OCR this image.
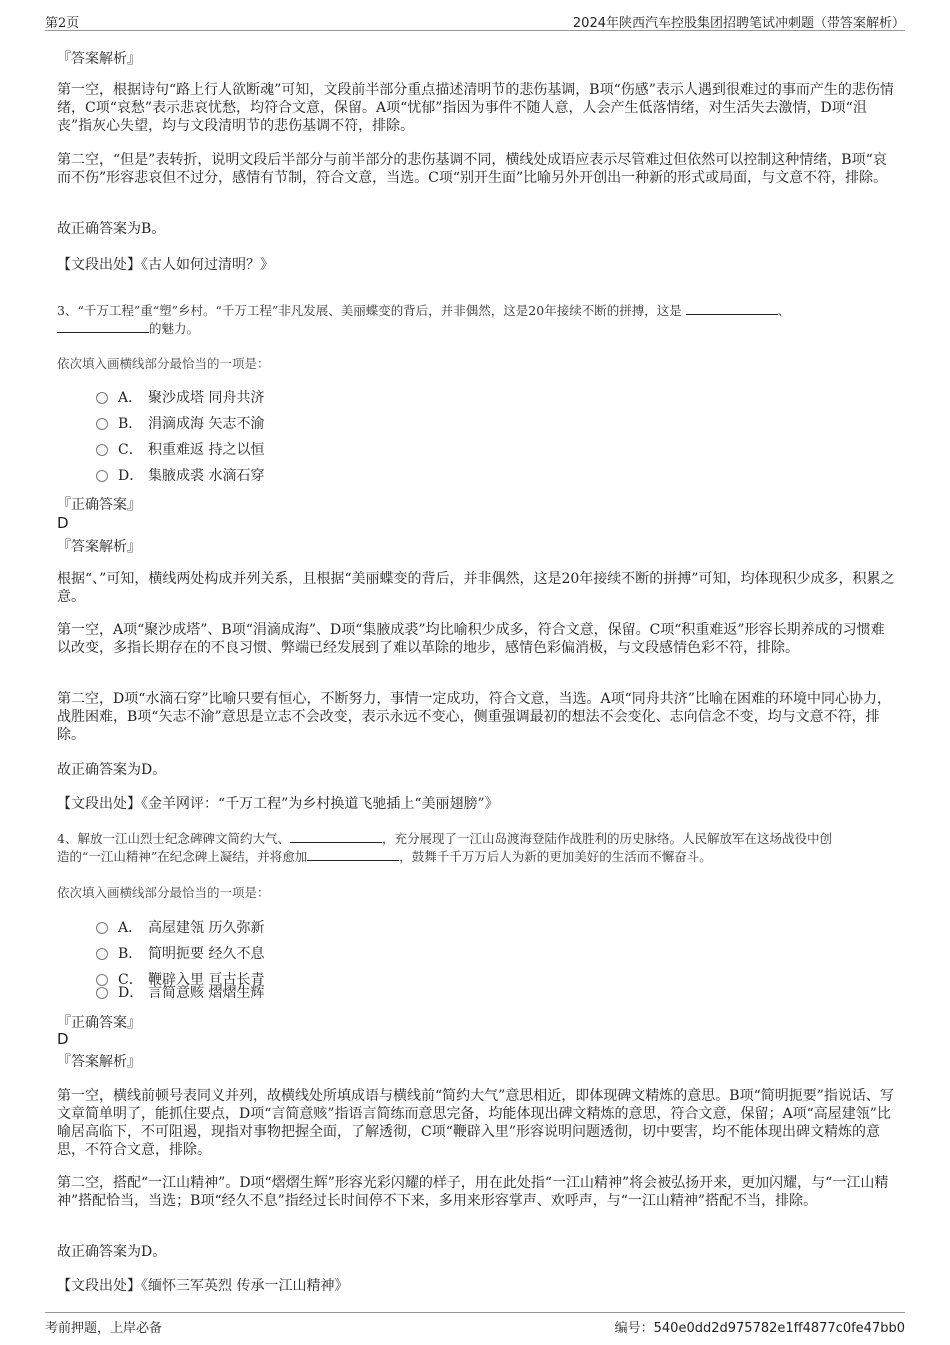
第2页	2024年陕西汽车控股集团招聘笔试冲刺题（带答案解析）

『答案解析』

第一空，根据诗句“路上行人欲断魂”可知，文段前半部分重点描述清明节的悲伤基调，B项“伤感”表示人遇到很难过的事而产生的悲伤情绪，C项“哀愁”表示悲哀忧愁，均符合文意，保留。A项“忧郁”指因为事件不随人意，人会产生低落情绪，对生活失去激情，D项“沮丧”指灰心失望，均与文段清明节的悲伤基调不符，排除。

第二空，“但是”表转折，说明文段后半部分与前半部分的悲伤基调不同，横线处成语应表示尽管难过但依然可以控制这种情绪，B项“哀而不伤”形容悲哀但不过分，感情有节制，符合文意，当选。C项“别开生面”比喻另外开创出一种新的形式或局面，与文意不符，排除。

故正确答案为B。

【文段出处】《古人如何过清明？》

3、“千万工程”重“塑”乡村。“千万工程”非凡发展、美丽蝶变的背后，并非偶然，这是20年接续不断的拼搏，这是	、
的魅力。

依次填入画横线部分最恰当的一项是：

A． 聚沙成塔 同舟共济
B． 涓滴成海 矢志不渝
C． 积重难返 持之以恒
D． 集腋成裘 水滴石穿

『正确答案』

D

『答案解析』

根据“、”可知，横线两处构成并列关系，且根据“美丽蝶变的背后，并非偶然，这是20年接续不断的拼搏”可知，均体现积少成多，积累之意。

第一空，A项“聚沙成塔”、B项“涓滴成海”、D项“集腋成裘”均比喻积少成多，符合文意，保留。C项“积重难返”形容长期养成的习惯难以改变，多指长期存在的不良习惯、弊端已经发展到了难以革除的地步，感情色彩偏消极，与文段感情色彩不符，排除。

第二空，D项“水滴石穿”比喻只要有恒心，不断努力，事情一定成功，符合文意，当选。A项“同舟共济”比喻在困难的环境中同心协力，战胜困难，B项“矢志不渝”意思是立志不会改变，表示永远不变心，侧重强调最初的想法不会变化、志向信念不变，均与文意不符，排除。

故正确答案为D。

【文段出处】《金羊网评：“千万工程”为乡村换道飞驰插上“美丽翅膀”》

4、解放一江山烈士纪念碑碑文简约大气、	，充分展现了一江山岛渡海登陆作战胜利的历史脉络。人民解放军在这场战役中创
造的“一江山精神”在纪念碑上凝结，并将愈加	，鼓舞千千万万后人为新的更加美好的生活而不懈奋斗。

依次填入画横线部分最恰当的一项是：

A． 高屋建瓴 历久弥新
B． 简明扼要 经久不息
C． 鞭辟入里 亘古长青
D． 言简意赅 熠熠生辉

『正确答案』

D

『答案解析』

第一空，横线前顿号表同义并列，故横线处所填成语与横线前“简约大气”意思相近，即体现碑文精炼的意思。B项“简明扼要”指说话、写文章简单明了，能抓住要点，D项“言简意赅”指语言简练而意思完备，均能体现出碑文精炼的意思，符合文意，保留；A项“高屋建瓴”比喻居高临下，不可阻遏，现指对事物把握全面，了解透彻，C项“鞭辟入里”形容说明问题透彻，切中要害，均不能体现出碑文精炼的意思，不符合文意，排除。

第二空，搭配“一江山精神”。D项“熠熠生辉”形容光彩闪耀的样子，用在此处指“一江山精神”将会被弘扬开来，更加闪耀，与“一江山精神”搭配恰当，当选；B项“经久不息”指经过长时间停不下来，多用来形容掌声、欢呼声，与“一江山精神”搭配不当，排除。

故正确答案为D。

【文段出处】《缅怀三军英烈 传承一江山精神》

考前押题，上岸必备	编号：540e0dd2d975782e1ff4877c0fe47bb0
